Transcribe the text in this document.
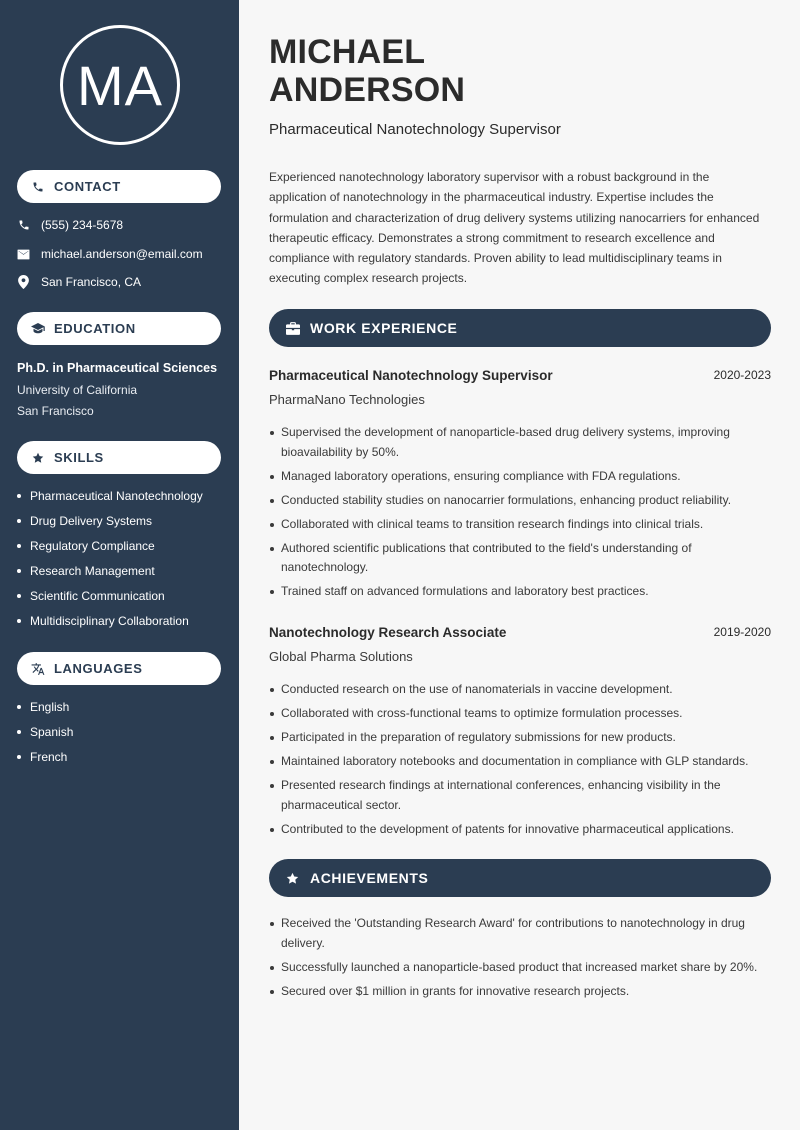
MA
CONTACT
(555) 234-5678
michael.anderson@email.com
San Francisco, CA
EDUCATION
Ph.D. in Pharmaceutical Sciences
University of California
San Francisco
SKILLS
Pharmaceutical Nanotechnology
Drug Delivery Systems
Regulatory Compliance
Research Management
Scientific Communication
Multidisciplinary Collaboration
LANGUAGES
English
Spanish
French
MICHAEL
ANDERSON
Pharmaceutical Nanotechnology Supervisor
Experienced nanotechnology laboratory supervisor with a robust background in the application of nanotechnology in the pharmaceutical industry. Expertise includes the formulation and characterization of drug delivery systems utilizing nanocarriers for enhanced therapeutic efficacy. Demonstrates a strong commitment to research excellence and compliance with regulatory standards. Proven ability to lead multidisciplinary teams in executing complex research projects.
WORK EXPERIENCE
Pharmaceutical Nanotechnology Supervisor	2020-2023
PharmaNano Technologies
Supervised the development of nanoparticle-based drug delivery systems, improving bioavailability by 50%.
Managed laboratory operations, ensuring compliance with FDA regulations.
Conducted stability studies on nanocarrier formulations, enhancing product reliability.
Collaborated with clinical teams to transition research findings into clinical trials.
Authored scientific publications that contributed to the field's understanding of nanotechnology.
Trained staff on advanced formulations and laboratory best practices.
Nanotechnology Research Associate	2019-2020
Global Pharma Solutions
Conducted research on the use of nanomaterials in vaccine development.
Collaborated with cross-functional teams to optimize formulation processes.
Participated in the preparation of regulatory submissions for new products.
Maintained laboratory notebooks and documentation in compliance with GLP standards.
Presented research findings at international conferences, enhancing visibility in the pharmaceutical sector.
Contributed to the development of patents for innovative pharmaceutical applications.
ACHIEVEMENTS
Received the 'Outstanding Research Award' for contributions to nanotechnology in drug delivery.
Successfully launched a nanoparticle-based product that increased market share by 20%.
Secured over $1 million in grants for innovative research projects.
